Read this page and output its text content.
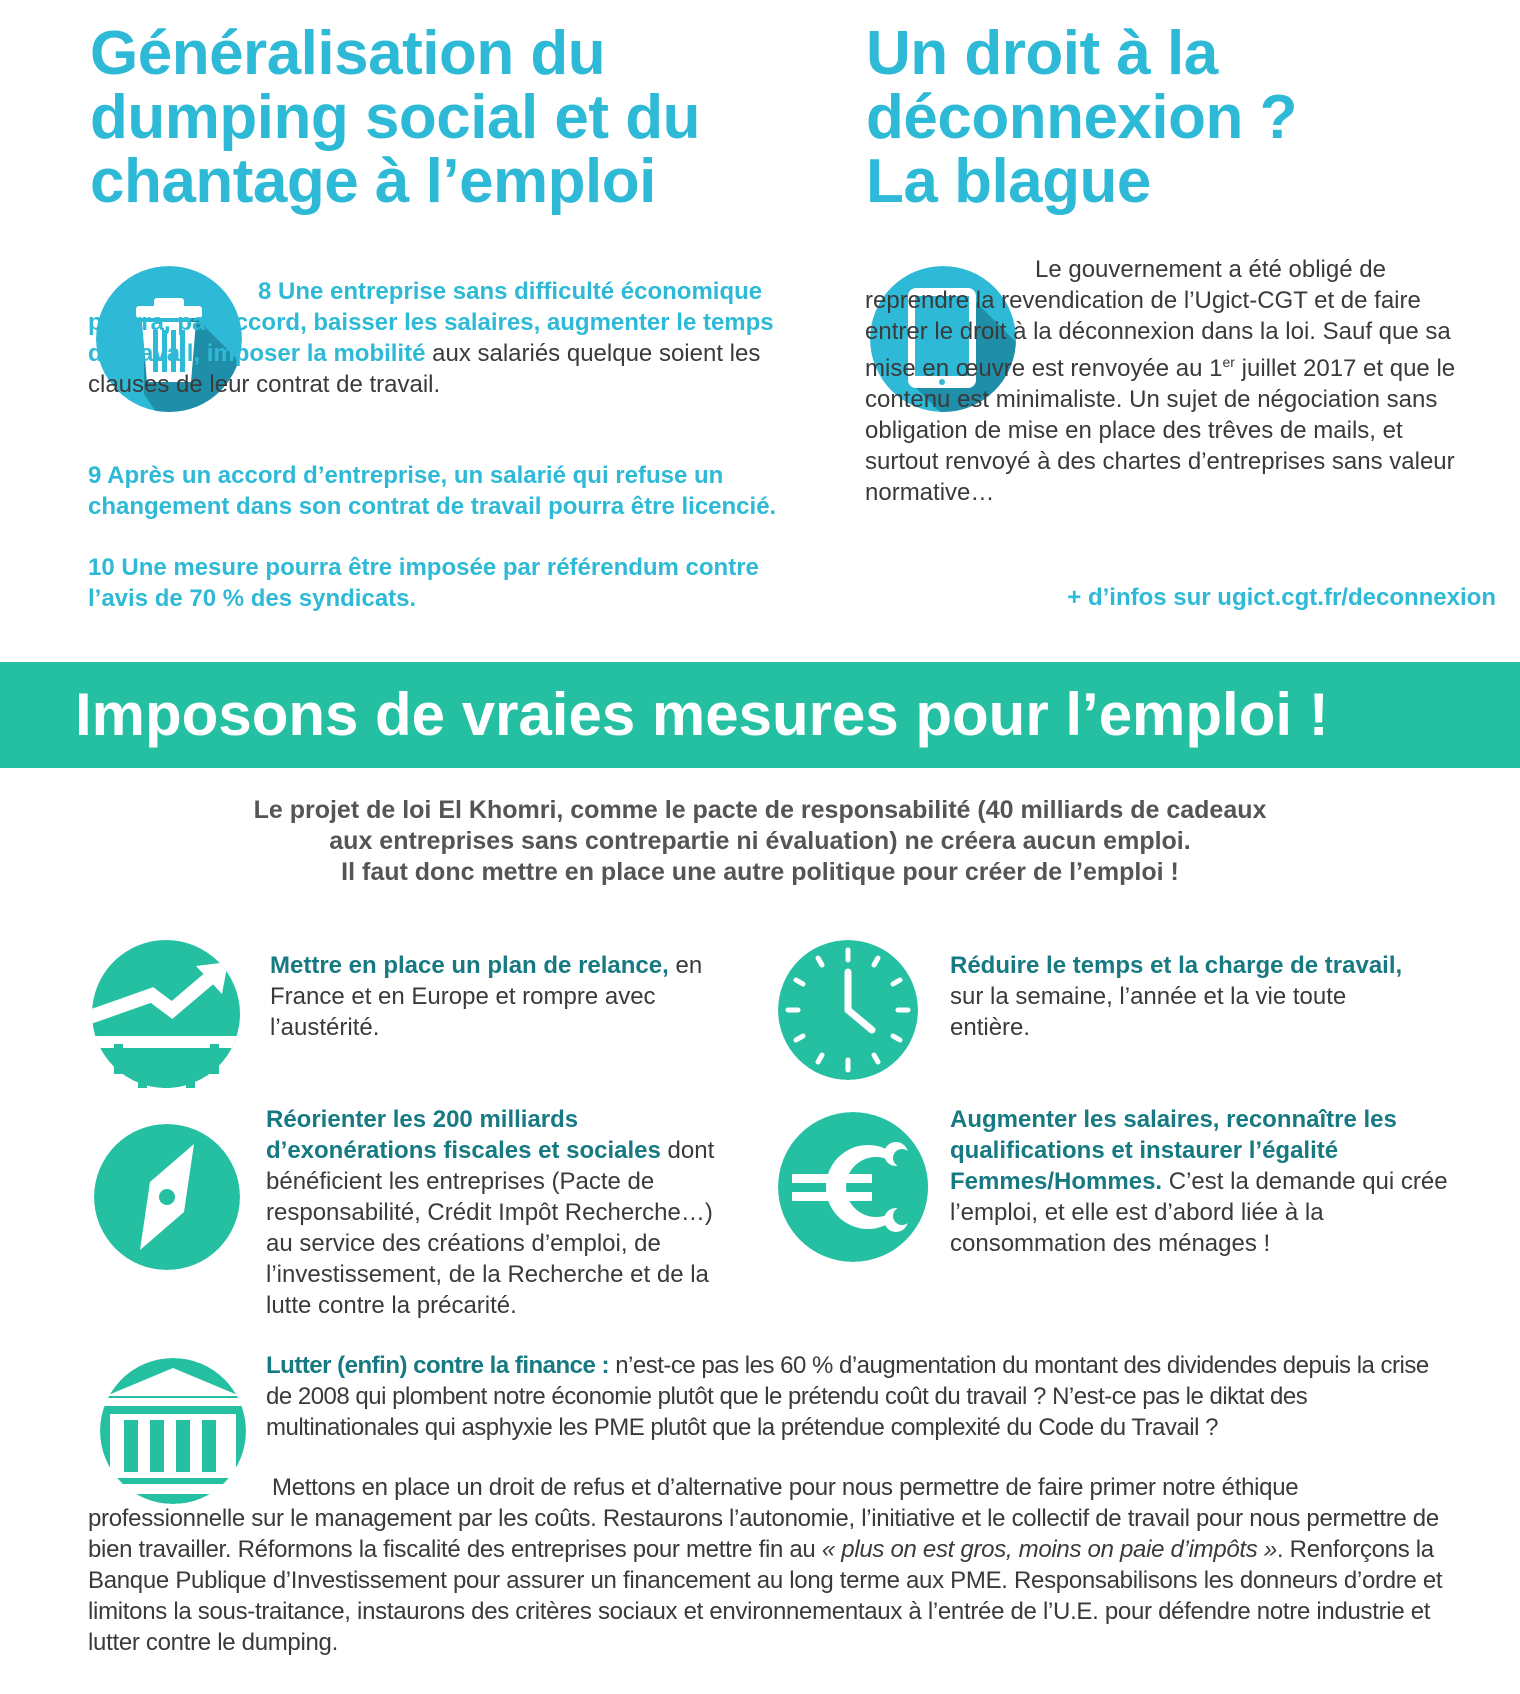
Généralisation du
dumping social et du
chantage à l’emploi
Un droit à la
déconnexion ?
La blague
8 Une entreprise sans difficulté économique pourra, par accord, baisser les salaires, augmenter le temps de travail, imposer la mobilité aux salariés quelque soient les clauses de leur contrat de travail.
9 Après un accord d’entreprise, un salarié qui refuse un changement dans son contrat de travail pourra être licencié.
10 Une mesure pourra être imposée par référendum contre l’avis de 70 % des syndicats.
Le gouvernement a été obligé de reprendre la revendication de l’Ugict-CGT et de faire entrer le droit à la déconnexion dans la loi. Sauf que sa mise en œuvre est renvoyée au 1er juillet 2017 et que le contenu est minimaliste. Un sujet de négociation sans obligation de mise en place des trêves de mails, et surtout renvoyé à des chartes d’entreprises sans valeur normative…
+ d’infos sur ugict.cgt.fr/deconnexion
Imposons de vraies mesures pour l’emploi !
Le projet de loi El Khomri, comme le pacte de responsabilité (40 milliards de cadeaux
aux entreprises sans contrepartie ni évaluation) ne créera aucun emploi.
Il faut donc mettre en place une autre politique pour créer de l’emploi !
Mettre en place un plan de relance, en France et en Europe et rompre avec l’austérité.
Réduire le temps et la charge de travail, sur la semaine, l’année et la vie toute entière.
Réorienter les 200 milliards d’exonérations fiscales et sociales dont bénéficient les entreprises (Pacte de responsabilité, Crédit Impôt Recherche…) au service des créations d’emploi, de l’investissement, de la Recherche et de la lutte contre la précarité.
Augmenter les salaires, reconnaître les qualifications et instaurer l’égalité Femmes/Hommes. C’est la demande qui crée l’emploi, et elle est d’abord liée à la consommation des ménages !
Lutter (enfin) contre la finance : n’est-ce pas les 60 % d’augmentation du montant des dividendes depuis la crise de 2008 qui plombent notre économie plutôt que le prétendu coût du travail ? N’est-ce pas le diktat des multinationales qui asphyxie les PME plutôt que la prétendue complexité du Code du Travail ?
Mettons en place un droit de refus et d’alternative pour nous permettre de faire primer notre éthique professionnelle sur le management par les coûts. Restaurons l’autonomie, l’initiative et le collectif de travail pour nous permettre de bien travailler. Réformons la fiscalité des entreprises pour mettre fin au « plus on est gros, moins on paie d’impôts ». Renforçons la Banque Publique d’Investissement pour assurer un financement au long terme aux PME. Responsabilisons les donneurs d’ordre et limitons la sous-traitance, instaurons des critères sociaux et environnementaux à l’entrée de l’U.E. pour défendre notre industrie et lutter contre le dumping.
